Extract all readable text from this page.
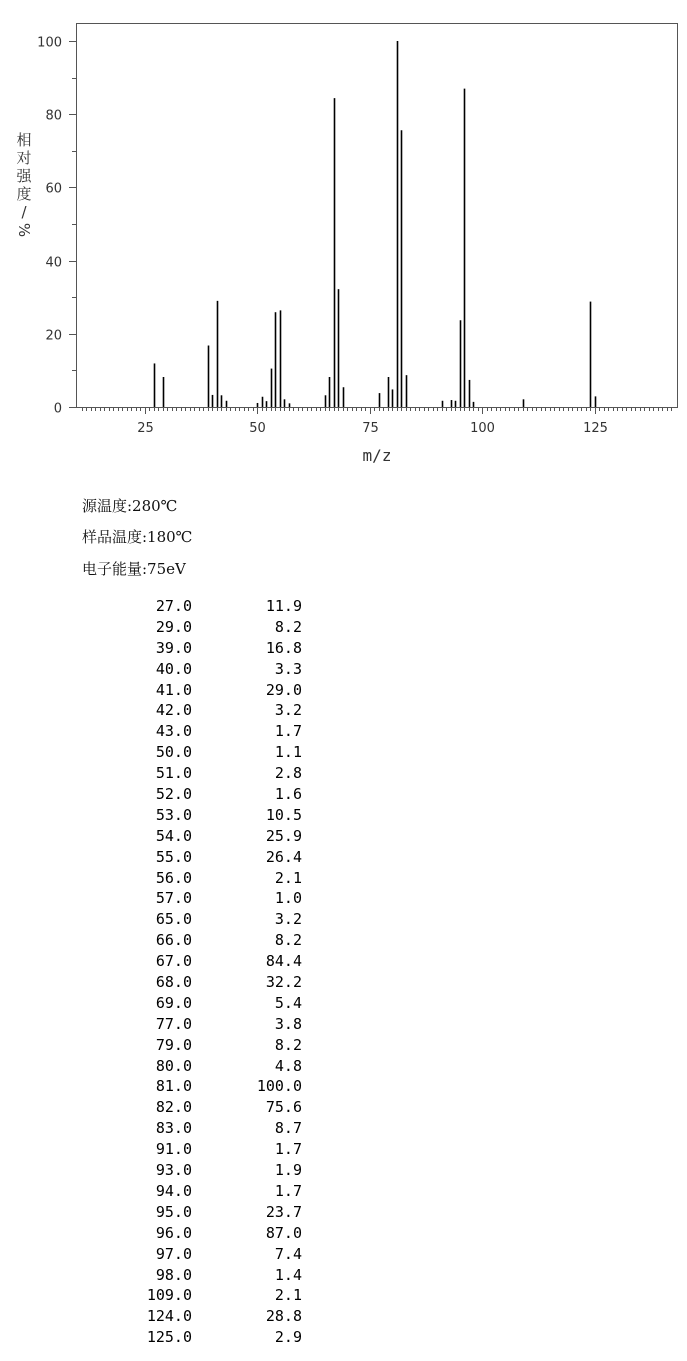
25	50	75	100	125
0
20
40
60
80
100
m/z
相
对
强
度
/
%
源温度:280℃
样品温度:180℃
电子能量:75eV
27.0	11.9
29.0	8.2
39.0	16.8
40.0	3.3
41.0	29.0
42.0	3.2
43.0	1.7
50.0	1.1
51.0	2.8
52.0	1.6
53.0	10.5
54.0	25.9
55.0	26.4
56.0	2.1
57.0	1.0
65.0	3.2
66.0	8.2
67.0	84.4
68.0	32.2
69.0	5.4
77.0	3.8
79.0	8.2
80.0	4.8
81.0	100.0
82.0	75.6
83.0	8.7
91.0	1.7
93.0	1.9
94.0	1.7
95.0	23.7
96.0	87.0
97.0	7.4
98.0	1.4
109.0	2.1
124.0	28.8
125.0	2.9
